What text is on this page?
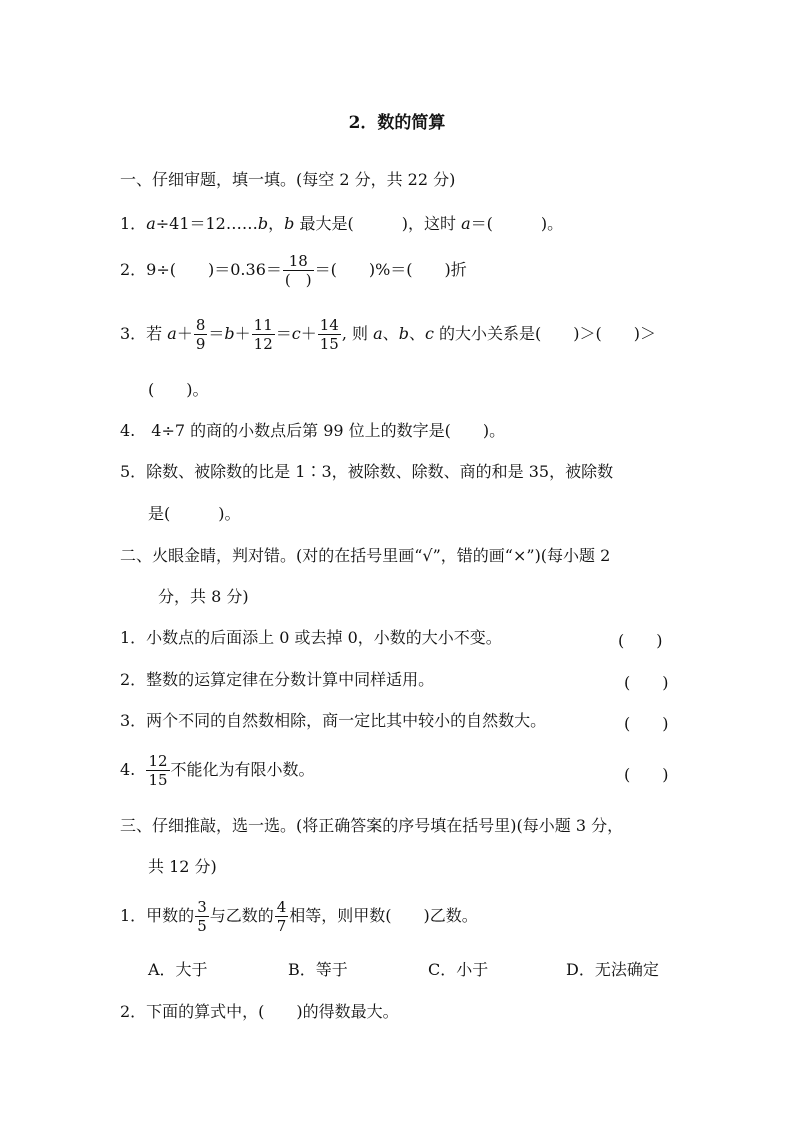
2．数的简算
一、仔细审题，填一填。(每空 2 分，共 22 分)
1．a÷41＝12……b，b 最大是(　　　)，这时 a＝(　　　)。
2．9÷(　　)$=0.36= \frac{18}{( )}$ ＝(　　)%＝(　　)折
3．若 $a+ \frac{8}{9} =b+ \frac{11}{12} =c+ \frac{14}{15}$ , 则 a、b、c 的大小关系是(　　)＞(　　)＞
(　　)。
4.　4÷7 的商的小数点后第 99 位上的数字是(　　)。
5．除数、被除数的比是 1∶3，被除数、除数、商的和是 35，被除数
是(　　　)。
二、火眼金睛，判对错。(对的在括号里画“√”，错的画“×”)(每小题 2
分，共 8 分)
1．小数点的后面添上 0 或去掉 0，小数的大小不变。	(　　)
2．整数的运算定律在分数计算中同样适用。	(　　)
3．两个不同的自然数相除，商一定比其中较小的自然数大。	(　　)
4. $\frac{12}{15}$ 不能化为有限小数。	(　　)
三、仔细推敲，选一选。(将正确答案的序号填在括号里)(每小题 3 分，
共 12 分)
1．甲数的 $\frac{3}{5}$ 与乙数的 $\frac{4}{7}$ 相等，则甲数(　　)乙数。
A．大于	B．等于	C．小于	D．无法确定
2．下面的算式中，(　　)的得数最大。
